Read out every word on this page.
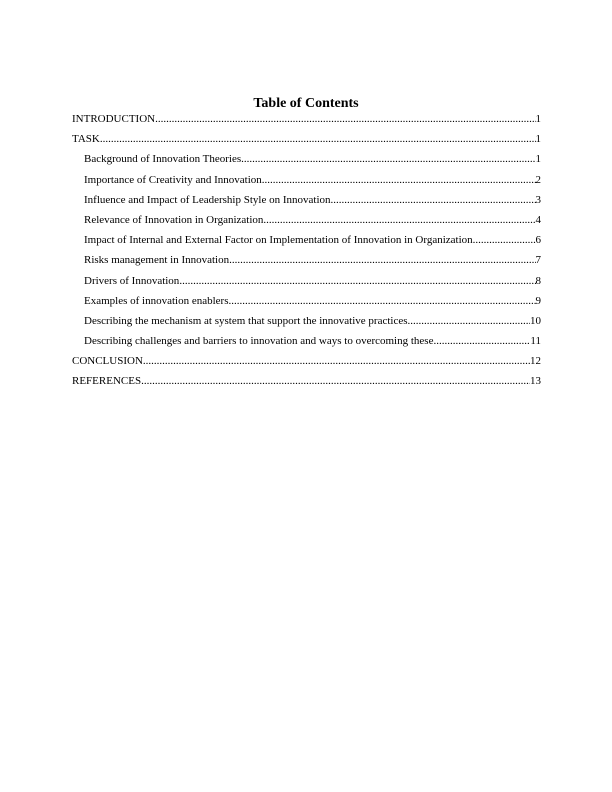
Table of Contents
INTRODUCTION .....	1
TASK .....	1
Background of Innovation Theories .....	1
Importance of Creativity and Innovation .....	2
Influence and Impact of Leadership Style on Innovation .....	3
Relevance of Innovation in Organization .....	4
Impact of Internal and External Factor on Implementation of Innovation in Organization .....	6
Risks management in Innovation .....	7
Drivers of Innovation .....	8
Examples of innovation enablers .....	9
Describing the mechanism at system that support the innovative practices .....	10
Describing challenges and barriers to innovation and ways to overcoming these .....	11
CONCLUSION .....	12
REFERENCES .....	13
